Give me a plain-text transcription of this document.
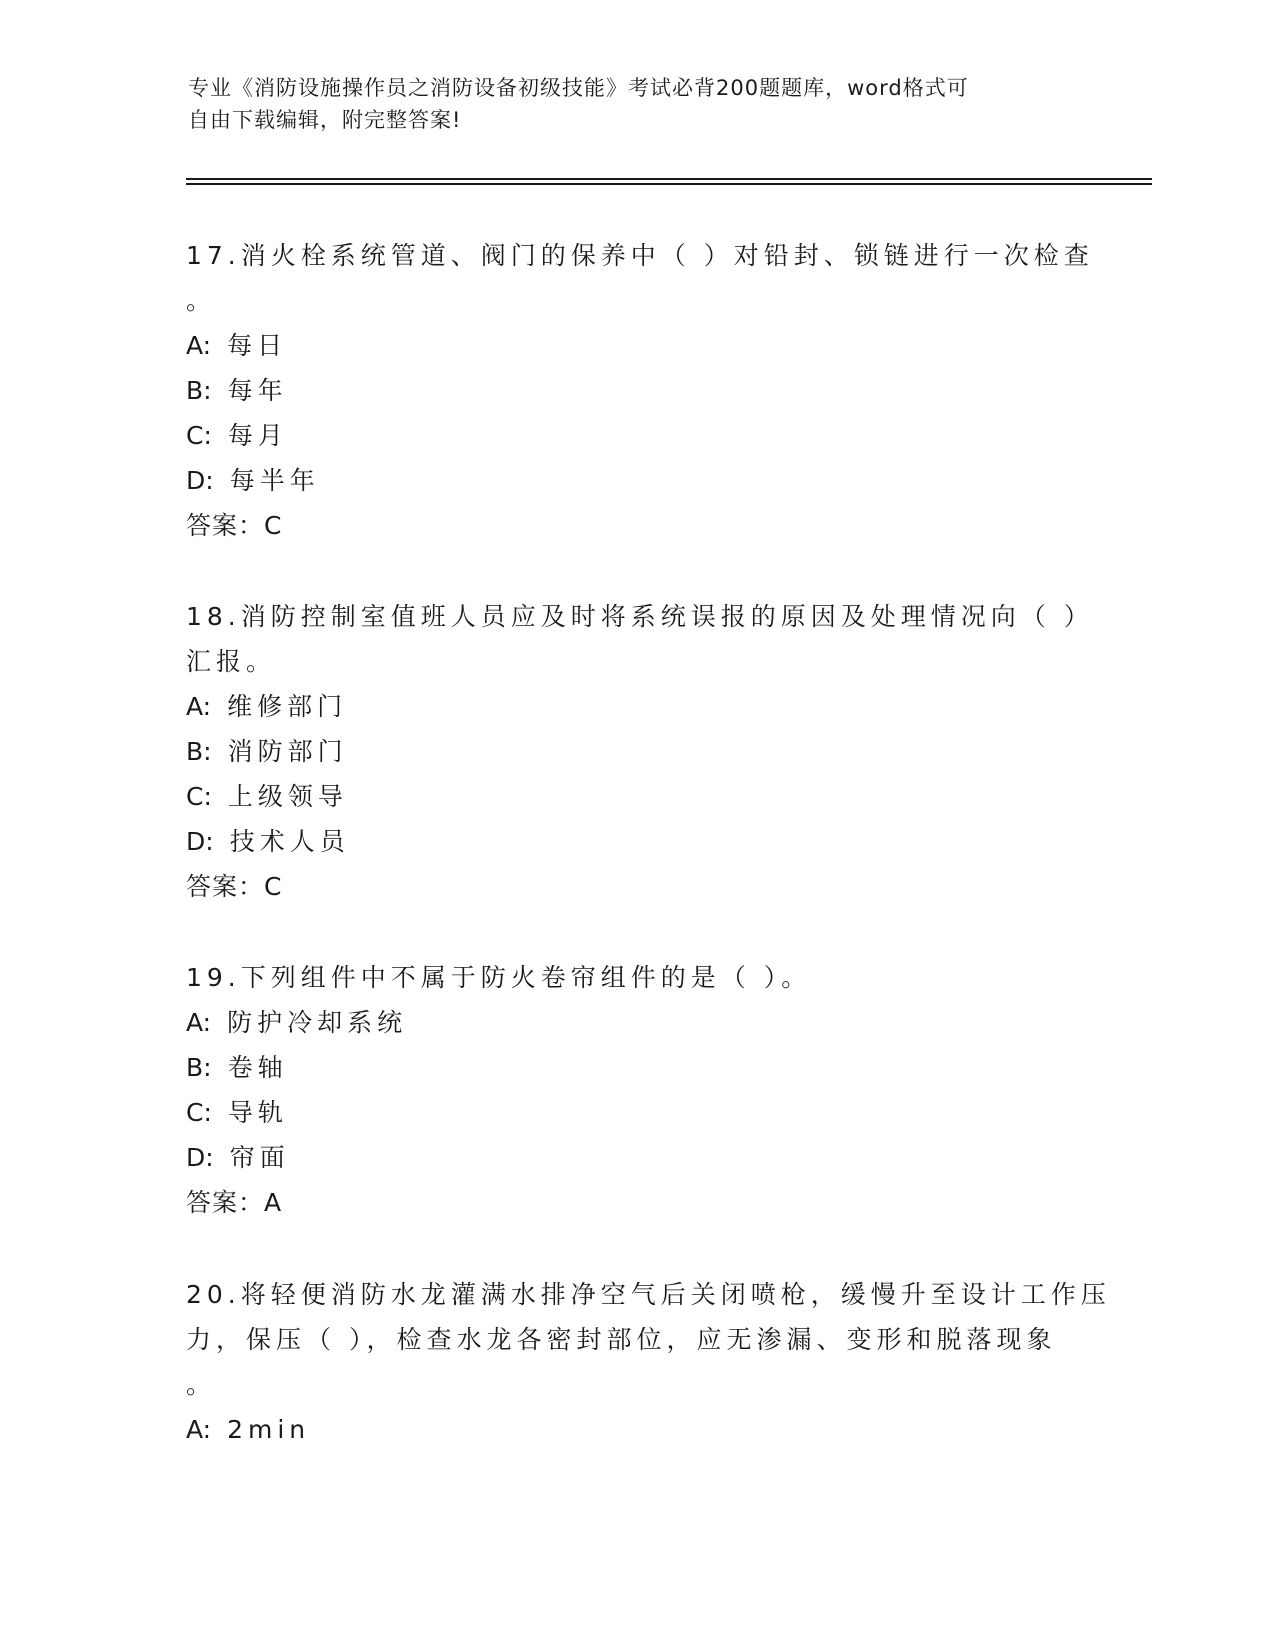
专业《消防设施操作员之消防设备初级技能》考试必背200题题库，word格式可
自由下载编辑，附完整答案!
17.消火栓系统管道、阀门的保养中（ ）对铅封、锁链进行一次检查
。
A: 每日
B: 每年
C: 每月
D: 每半年
答案：C
18.消防控制室值班人员应及时将系统误报的原因及处理情况向（ ）
汇报。
A: 维修部门
B: 消防部门
C: 上级领导
D: 技术人员
答案：C
19.下列组件中不属于防火卷帘组件的是（ ）。
A: 防护冷却系统
B: 卷轴
C: 导轨
D: 帘面
答案：A
20.将轻便消防水龙灌满水排净空气后关闭喷枪，缓慢升至设计工作压
力，保压（ ），检查水龙各密封部位，应无渗漏、变形和脱落现象
。
A: 2min
